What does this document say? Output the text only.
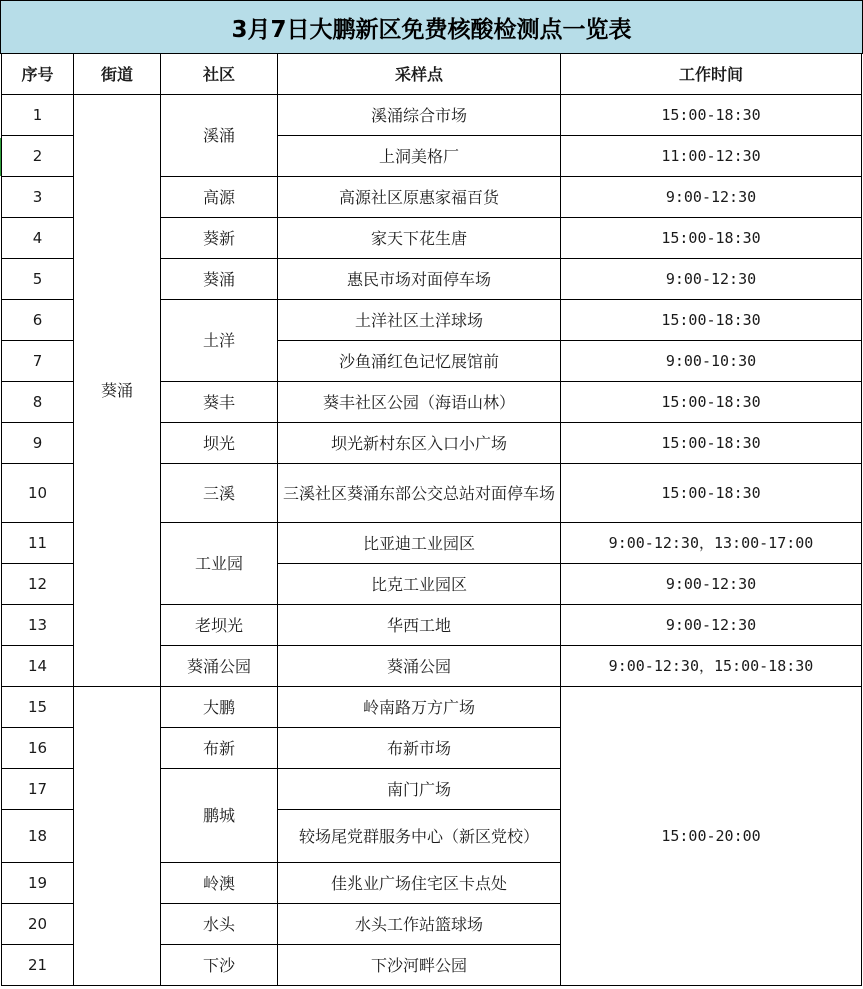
3月7日大鹏新区免费核酸检测点一览表
序号	街道	社区	采样点	工作时间
1	葵涌	溪涌	溪涌综合市场	15:00-18:30
2			上洞美格厂	11:00-12:30
3		高源	高源社区原惠家福百货	9:00-12:30
4		葵新	家天下花生唐	15:00-18:30
5		葵涌	惠民市场对面停车场	9:00-12:30
6		土洋	土洋社区土洋球场	15:00-18:30
7			沙鱼涌红色记忆展馆前	9:00-10:30
8		葵丰	葵丰社区公园（海语山林）	15:00-18:30
9		坝光	坝光新村东区入口小广场	15:00-18:30
10		三溪	三溪社区葵涌东部公交总站对面停车场	15:00-18:30
11		工业园	比亚迪工业园区	9:00-12:30，13:00-17:00
12			比克工业园区	9:00-12:30
13		老坝光	华西工地	9:00-12:30
14		葵涌公园	葵涌公园	9:00-12:30，15:00-18:30
15		大鹏	岭南路万方广场	15:00-20:00
16		布新	布新市场	
17		鹏城	南门广场	
18			较场尾党群服务中心（新区党校）	
19		岭澳	佳兆业广场住宅区卡点处	
20		水头	水头工作站篮球场	
21		下沙	下沙河畔公园	
